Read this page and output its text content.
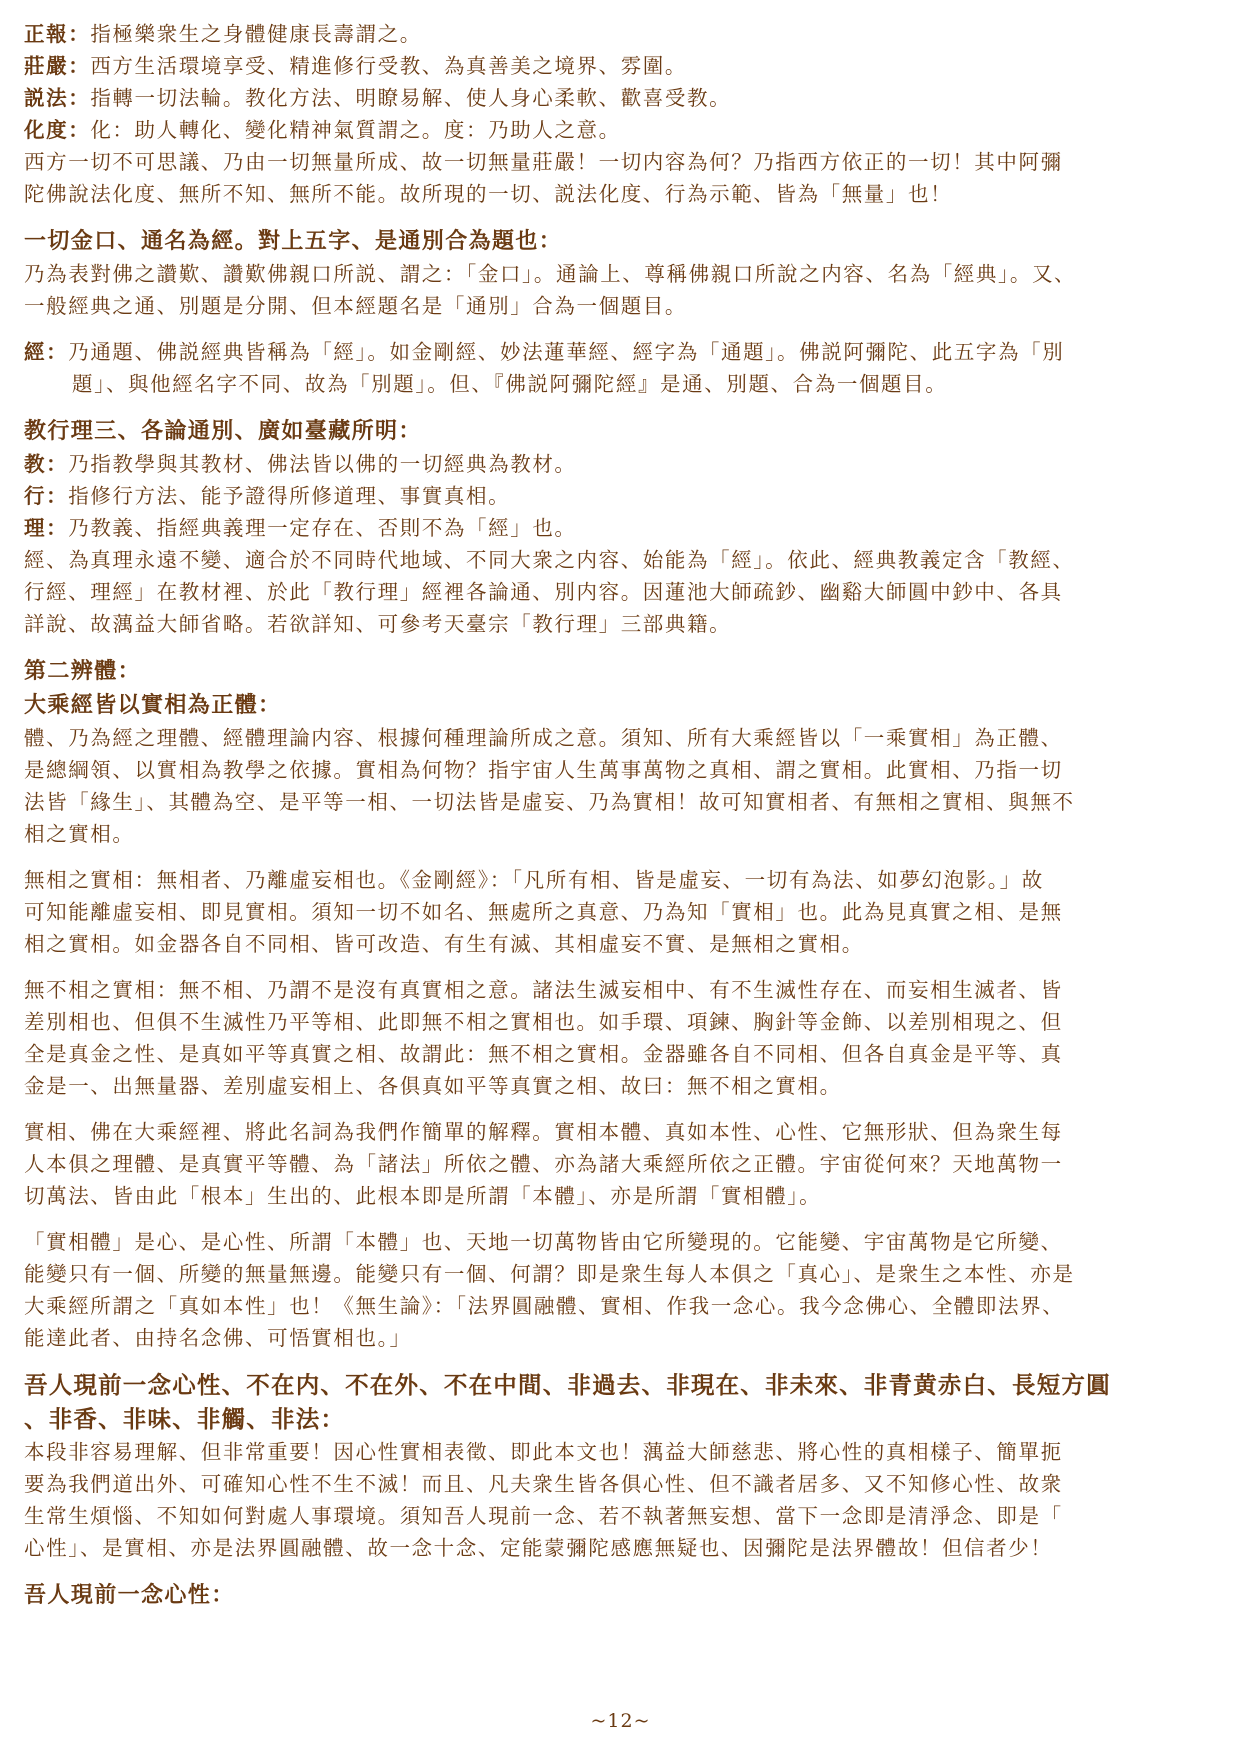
正報：指極樂衆生之身體健康長壽謂之。
莊嚴：西方生活環境享受、精進修行受教、為真善美之境界、雰圍。
説法：指轉一切法輪。教化方法、明瞭易解、使人身心柔軟、歡喜受教。
化度：化：助人轉化、變化精神氣質謂之。度：乃助人之意。
西方一切不可思議、乃由一切無量所成、故一切無量莊嚴！一切内容為何？乃指西方依正的一切！其中阿彌
陀佛說法化度、無所不知、無所不能。故所現的一切、説法化度、行為示範、皆為「無量」也！
一切金口、通名為經。對上五字、是通別合為題也：
乃為表對佛之讚歎、讚歎佛親口所説、謂之：「金口」。通論上、尊稱佛親口所說之内容、名為「經典」。又、
一般經典之通、別題是分開、但本經題名是「通別」合為一個題目。
經：乃通題、佛説經典皆稱為「經」。如金剛經、妙法蓮華經、經字為「通題」。佛説阿彌陀、此五字為「別
題」、與他經名字不同、故為「別題」。但、『佛説阿彌陀經』是通、別題、合為一個題目。
教行理三、各論通別、廣如臺藏所明：
教：乃指教學與其教材、佛法皆以佛的一切經典為教材。
行：指修行方法、能予證得所修道理、事實真相。
理：乃教義、指經典義理一定存在、否則不為「經」也。
經、為真理永遠不變、適合於不同時代地域、不同大衆之内容、始能為「經」。依此、經典教義定含「教經、
行經、理經」在教材裡、於此「教行理」經裡各論通、別内容。因蓮池大師疏鈔、幽谿大師圓中鈔中、各具
詳說、故蕅益大師省略。若欲詳知、可參考天臺宗「教行理」三部典籍。
第二辨體：
大乘經皆以實相為正體：
體、乃為經之理體、經體理論内容、根據何種理論所成之意。須知、所有大乘經皆以「一乘實相」為正體、
是總綱領、以實相為教學之依據。實相為何物？指宇宙人生萬事萬物之真相、謂之實相。此實相、乃指一切
法皆「緣生」、其體為空、是平等一相、一切法皆是虛妄、乃為實相！故可知實相者、有無相之實相、與無不
相之實相。
無相之實相：無相者、乃離虛妄相也。《金剛經》：「凡所有相、皆是虛妄、一切有為法、如夢幻泡影。」故
可知能離虛妄相、即見實相。須知一切不如名、無處所之真意、乃為知「實相」也。此為見真實之相、是無
相之實相。如金器各自不同相、皆可改造、有生有滅、其相虛妄不實、是無相之實相。
無不相之實相：無不相、乃謂不是沒有真實相之意。諸法生滅妄相中、有不生滅性存在、而妄相生滅者、皆
差別相也、但俱不生滅性乃平等相、此即無不相之實相也。如手環、項鍊、胸針等金飾、以差別相現之、但
全是真金之性、是真如平等真實之相、故謂此：無不相之實相。金器雖各自不同相、但各自真金是平等、真
金是一、出無量器、差別虛妄相上、各俱真如平等真實之相、故曰：無不相之實相。
實相、佛在大乘經裡、將此名詞為我們作簡單的解釋。實相本體、真如本性、心性、它無形狀、但為衆生每
人本俱之理體、是真實平等體、為「諸法」所依之體、亦為諸大乘經所依之正體。宇宙從何來？天地萬物一
切萬法、皆由此「根本」生出的、此根本即是所謂「本體」、亦是所謂「實相體」。
「實相體」是心、是心性、所謂「本體」也、天地一切萬物皆由它所變現的。它能變、宇宙萬物是它所變、
能變只有一個、所變的無量無邊。能變只有一個、何謂？即是衆生每人本俱之「真心」、是衆生之本性、亦是
大乘經所謂之「真如本性」也！《無生論》：「法界圓融體、實相、作我一念心。我今念佛心、全體即法界、
能達此者、由持名念佛、可悟實相也。」
吾人現前一念心性、不在内、不在外、不在中間、非過去、非現在、非未來、非青黄赤白、長短方圓
、非香、非味、非觸、非法：
本段非容易理解、但非常重要！因心性實相表徵、即此本文也！蕅益大師慈悲、將心性的真相樣子、簡單扼
要為我們道出外、可確知心性不生不滅！而且、凡夫衆生皆各俱心性、但不識者居多、又不知修心性、故衆
生常生煩惱、不知如何對處人事環境。須知吾人現前一念、若不執著無妄想、當下一念即是清淨念、即是「
心性」、是實相、亦是法界圓融體、故一念十念、定能蒙彌陀感應無疑也、因彌陀是法界體故！但信者少！
吾人現前一念心性：
~12~
